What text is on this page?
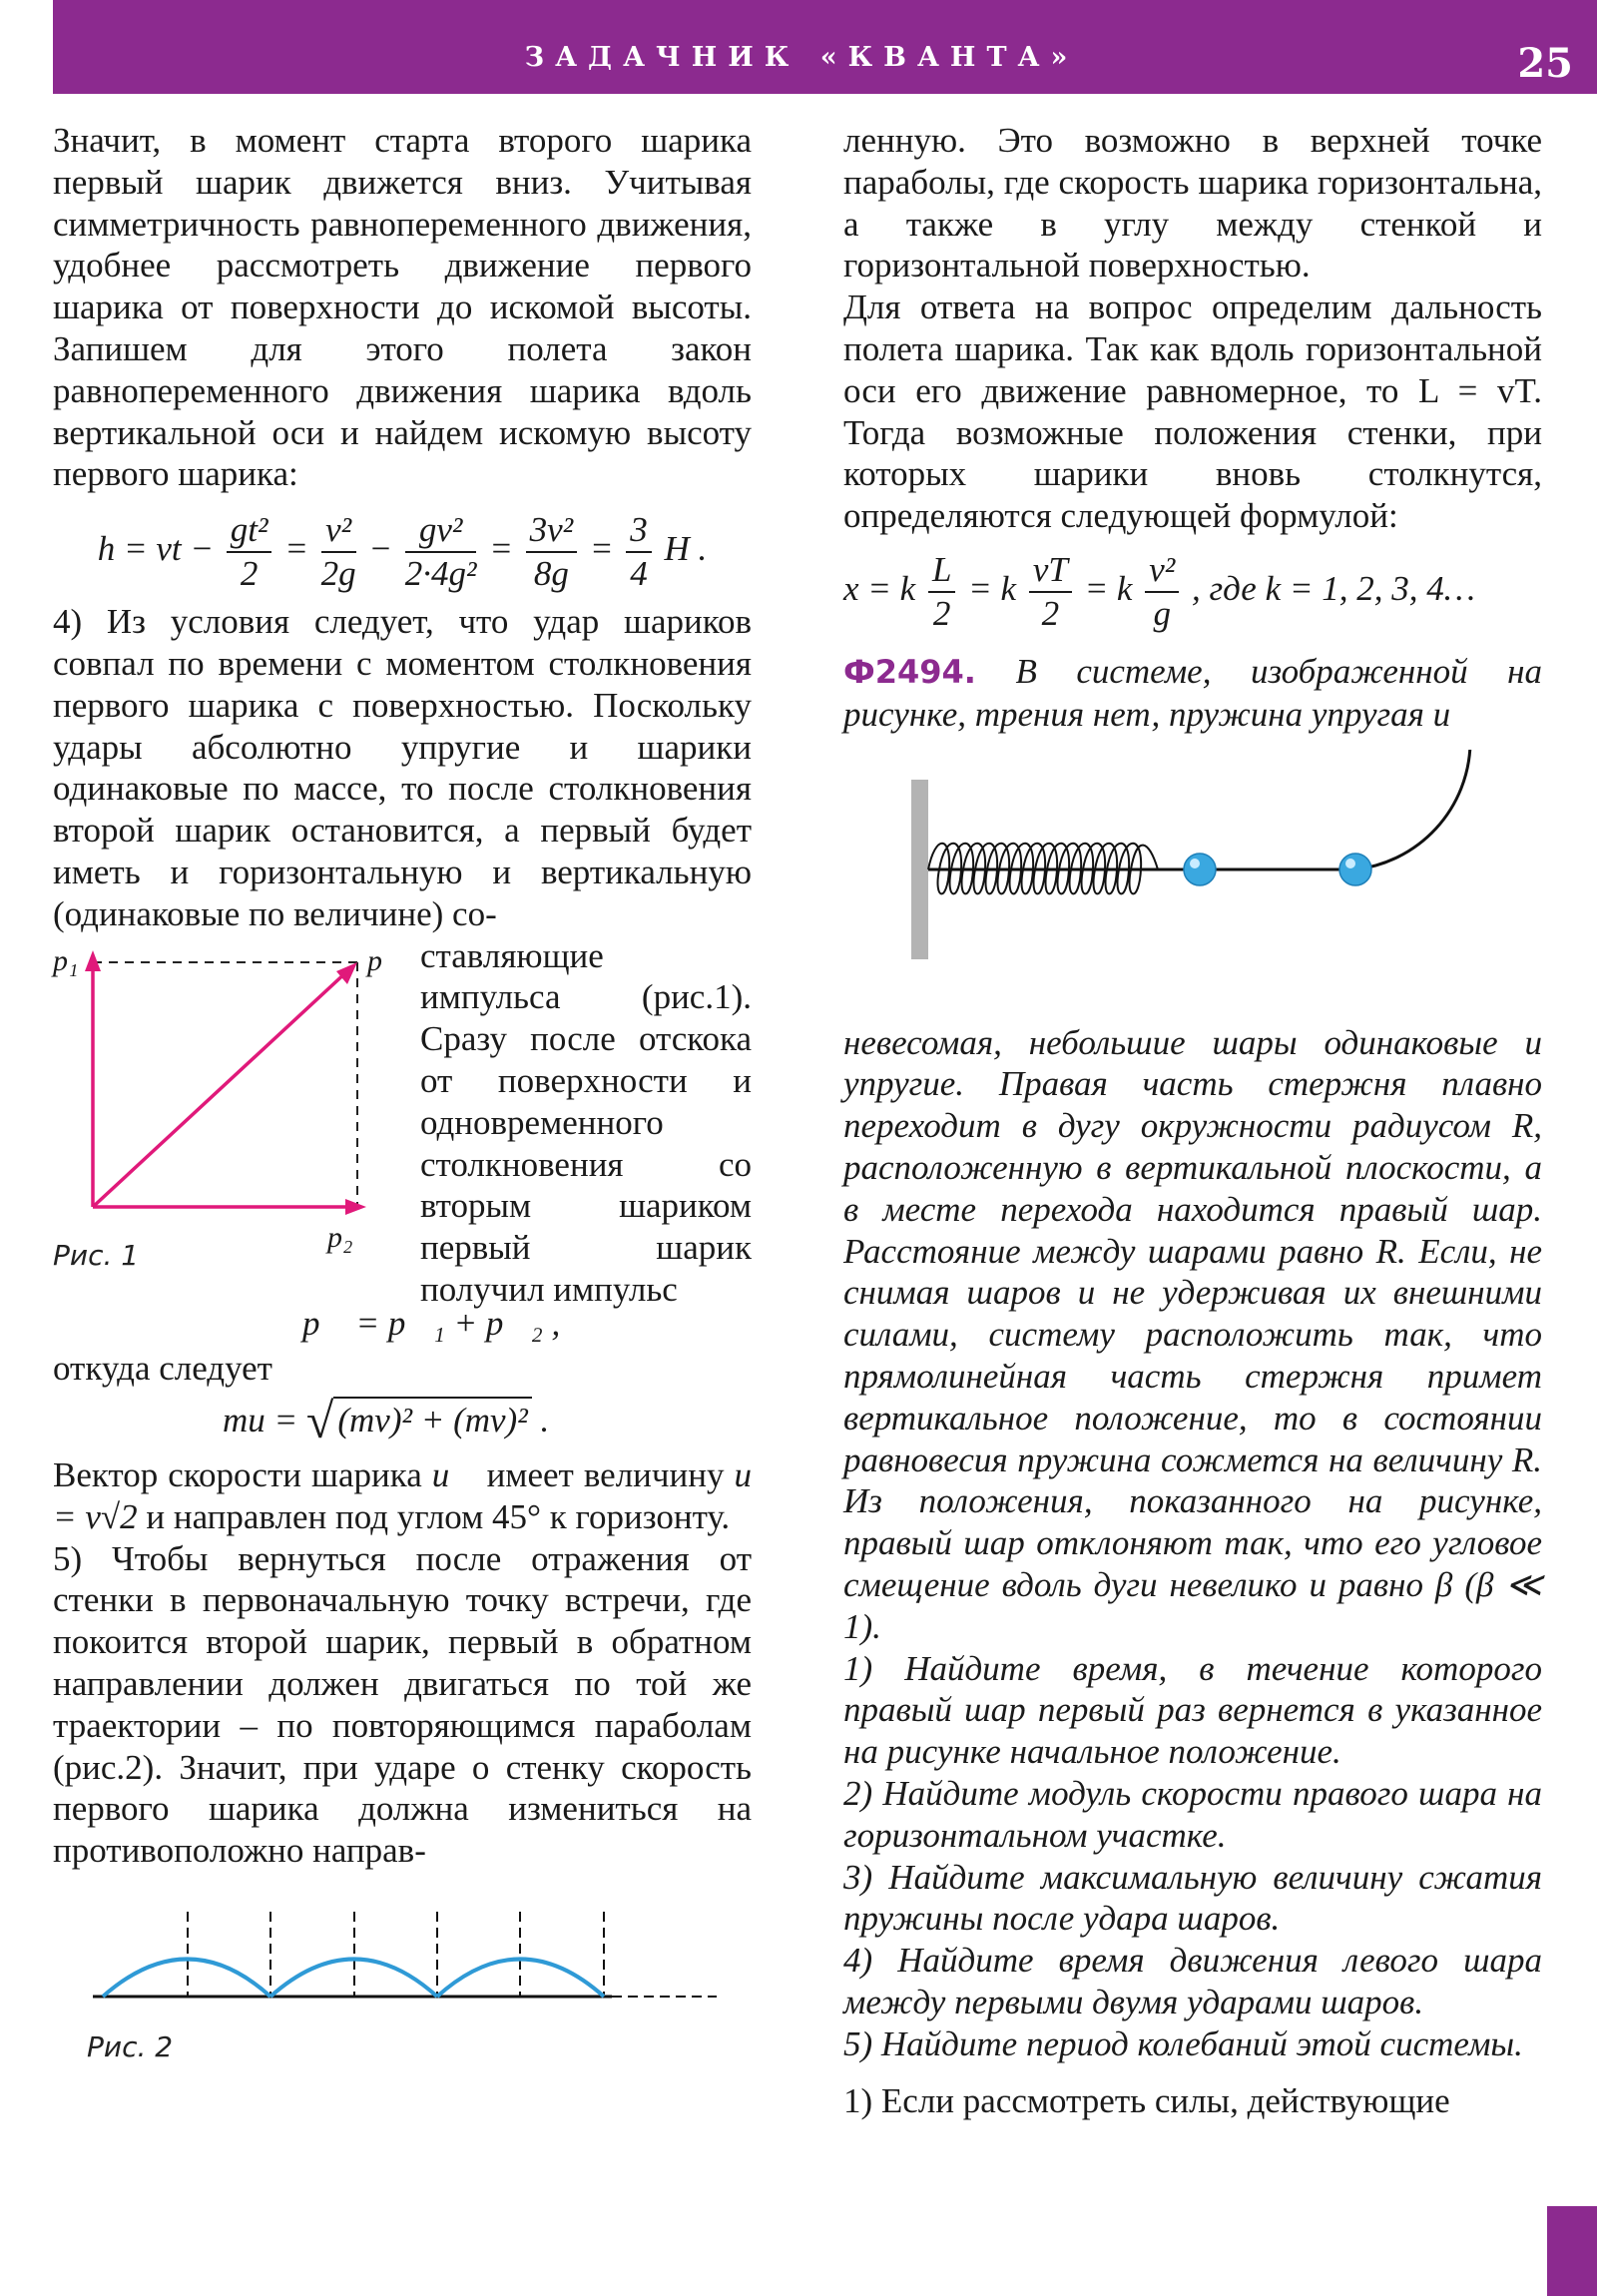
ЗАДАЧНИК «КВАНТА»	25

Значит, в момент старта второго шарика первый шарик движется вниз. Учитывая симметричность равнопеременного движения, удобнее рассмотреть движение первого шарика от поверхности до искомой высоты. Запишем для этого полета закон равнопеременного движения шарика вдоль вертикальной оси и найдем искомую высоту первого шарика:

h = vt − $\frac{\text{gt²}}{2} = \frac{\text{v²}}{2g} - \frac{\text{gv²}}{\text{2·4g²}} = \frac{\text{3v²}}{8g} = \frac{3}{4}$ H .

4) Из условия следует, что удар шариков совпал по времени с моментом столкновения первого шарика с поверхностью. Поскольку удары абсолютно упругие и шарики одинаковые по массе, то после столкновения второй шарик остановится, а первый будет иметь и горизонтальную и вертикальную (одинаковые по величине) со-

p₁	p
p₂
Рис. 1
ставляющие импульса (рис.1). Сразу после отскока от поверхности и одновременного столкновения со вторым шариком первый шарик получил импульс
p⃗ = p⃗₁ + p⃗₂ ,

откуда следует

mu = √ (mv)² + (mv)² .

Вектор скорости шарика u⃗ имеет величину u = v√2 и направлен под углом 45° к горизонту.

5) Чтобы вернуться после отражения от стенки в первоначальную точку встречи, где покоится второй шарик, первый в обратном направлении должен двигаться по той же траектории – по повторяющимся параболам (рис.2). Значит, при ударе о стенку скорость первого шарика должна измениться на противоположно направ-

Рис. 2

ленную. Это возможно в верхней точке параболы, где скорость шарика горизонтальна, а также в углу между стенкой и горизонтальной поверхностью.

Для ответа на вопрос определим дальность полета шарика. Так как вдоль горизонтальной оси его движение равномерное, то L = vT. Тогда возможные положения стенки, при которых шарики вновь столкнутся, определяются следующей формулой:

x = k $\frac{L}{2} = k \frac{vT}{2} = k \frac{\text{v²}}{g}$ , где k = 1, 2, 3, 4…

Ф2494. В системе, изображенной на рисунке, трения нет, пружина упругая и

невесомая, небольшие шары одинаковые и упругие. Правая часть стержня плавно переходит в дугу окружности радиусом R, расположенную в вертикальной плоскости, а в месте перехода находится правый шар. Расстояние между шарами равно R. Если, не снимая шаров и не удерживая их внешними силами, систему расположить так, что прямолинейная часть стержня примет вертикальное положение, то в состоянии равновесия пружина сожмется на величину R. Из положения, показанного на рисунке, правый шар отклоняют так, что его угловое смещение вдоль дуги невелико и равно β (β ≪ 1).

1) Найдите время, в течение которого правый шар первый раз вернется в указанное на рисунке начальное положение.

2) Найдите модуль скорости правого шара на горизонтальном участке.

3) Найдите максимальную величину сжатия пружины после удара шаров.

4) Найдите время движения левого шара между первыми двумя ударами шаров.

5) Найдите период колебаний этой системы.

1) Если рассмотреть силы, действующие
